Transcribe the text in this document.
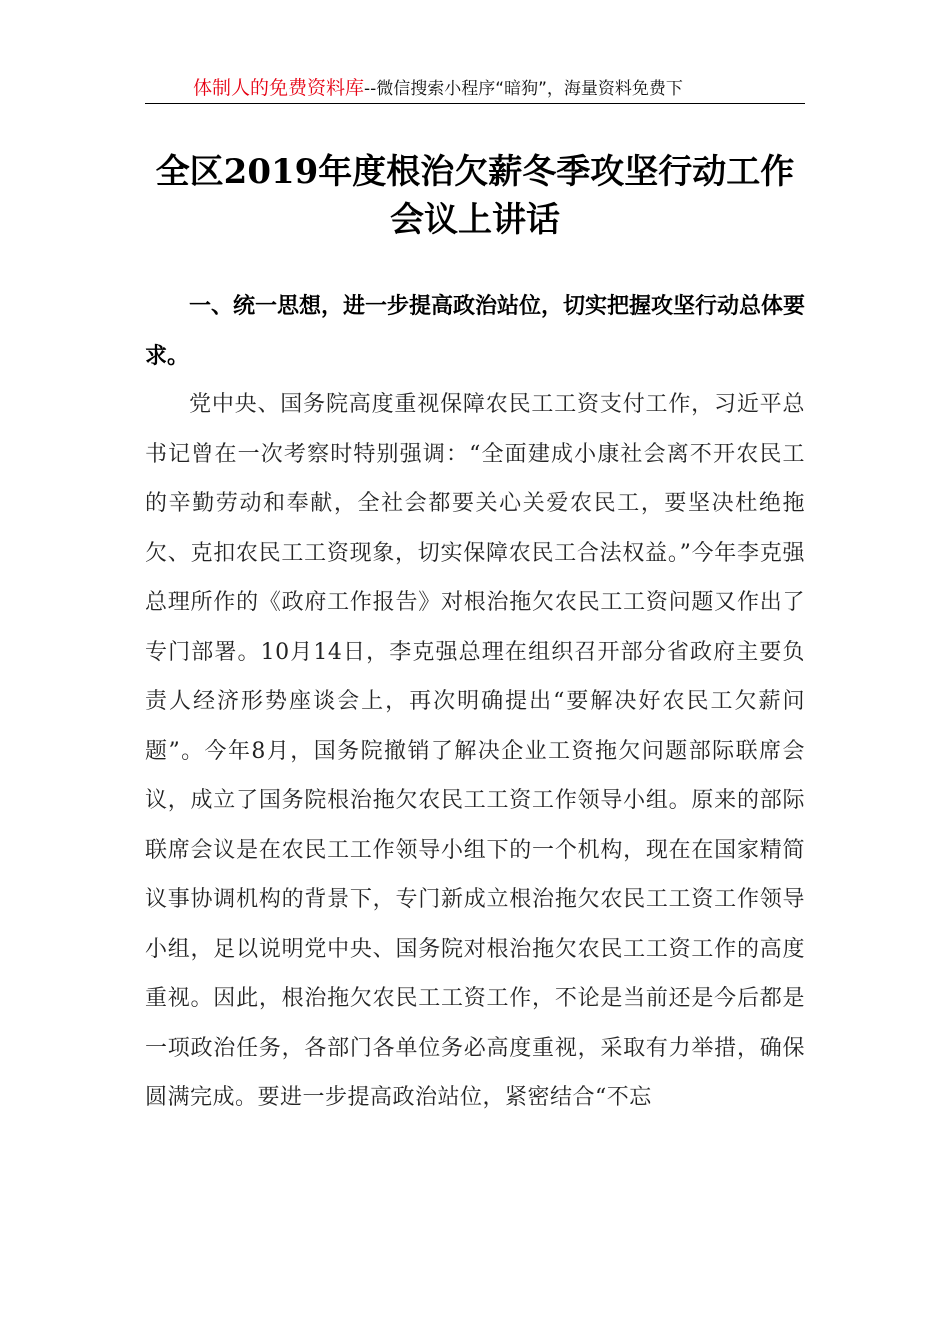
体制人的免费资料库--微信搜索小程序“暗狗”，海量资料免费下
全区2019年度根治欠薪冬季攻坚行动工作会议上讲话

一、统一思想，进一步提高政治站位，切实把握攻坚行动总体要求。

党中央、国务院高度重视保障农民工工资支付工作，习近平总书记曾在一次考察时特别强调：“全面建成小康社会离不开农民工的辛勤劳动和奉献，全社会都要关心关爱农民工，要坚决杜绝拖欠、克扣农民工工资现象，切实保障农民工合法权益。”今年李克强总理所作的《政府工作报告》对根治拖欠农民工工资问题又作出了专门部署。10月14日，李克强总理在组织召开部分省政府主要负责人经济形势座谈会上，再次明确提出“要解决好农民工欠薪问题”。今年8月，国务院撤销了解决企业工资拖欠问题部际联席会议，成立了国务院根治拖欠农民工工资工作领导小组。原来的部际联席会议是在农民工工作领导小组下的一个机构，现在在国家精简议事协调机构的背景下，专门新成立根治拖欠农民工工资工作领导小组，足以说明党中央、国务院对根治拖欠农民工工资工作的高度重视。因此，根治拖欠农民工工资工作，不论是当前还是今后都是一项政治任务，各部门各单位务必高度重视，采取有力举措，确保圆满完成。要进一步提高政治站位，紧密结合“不忘
